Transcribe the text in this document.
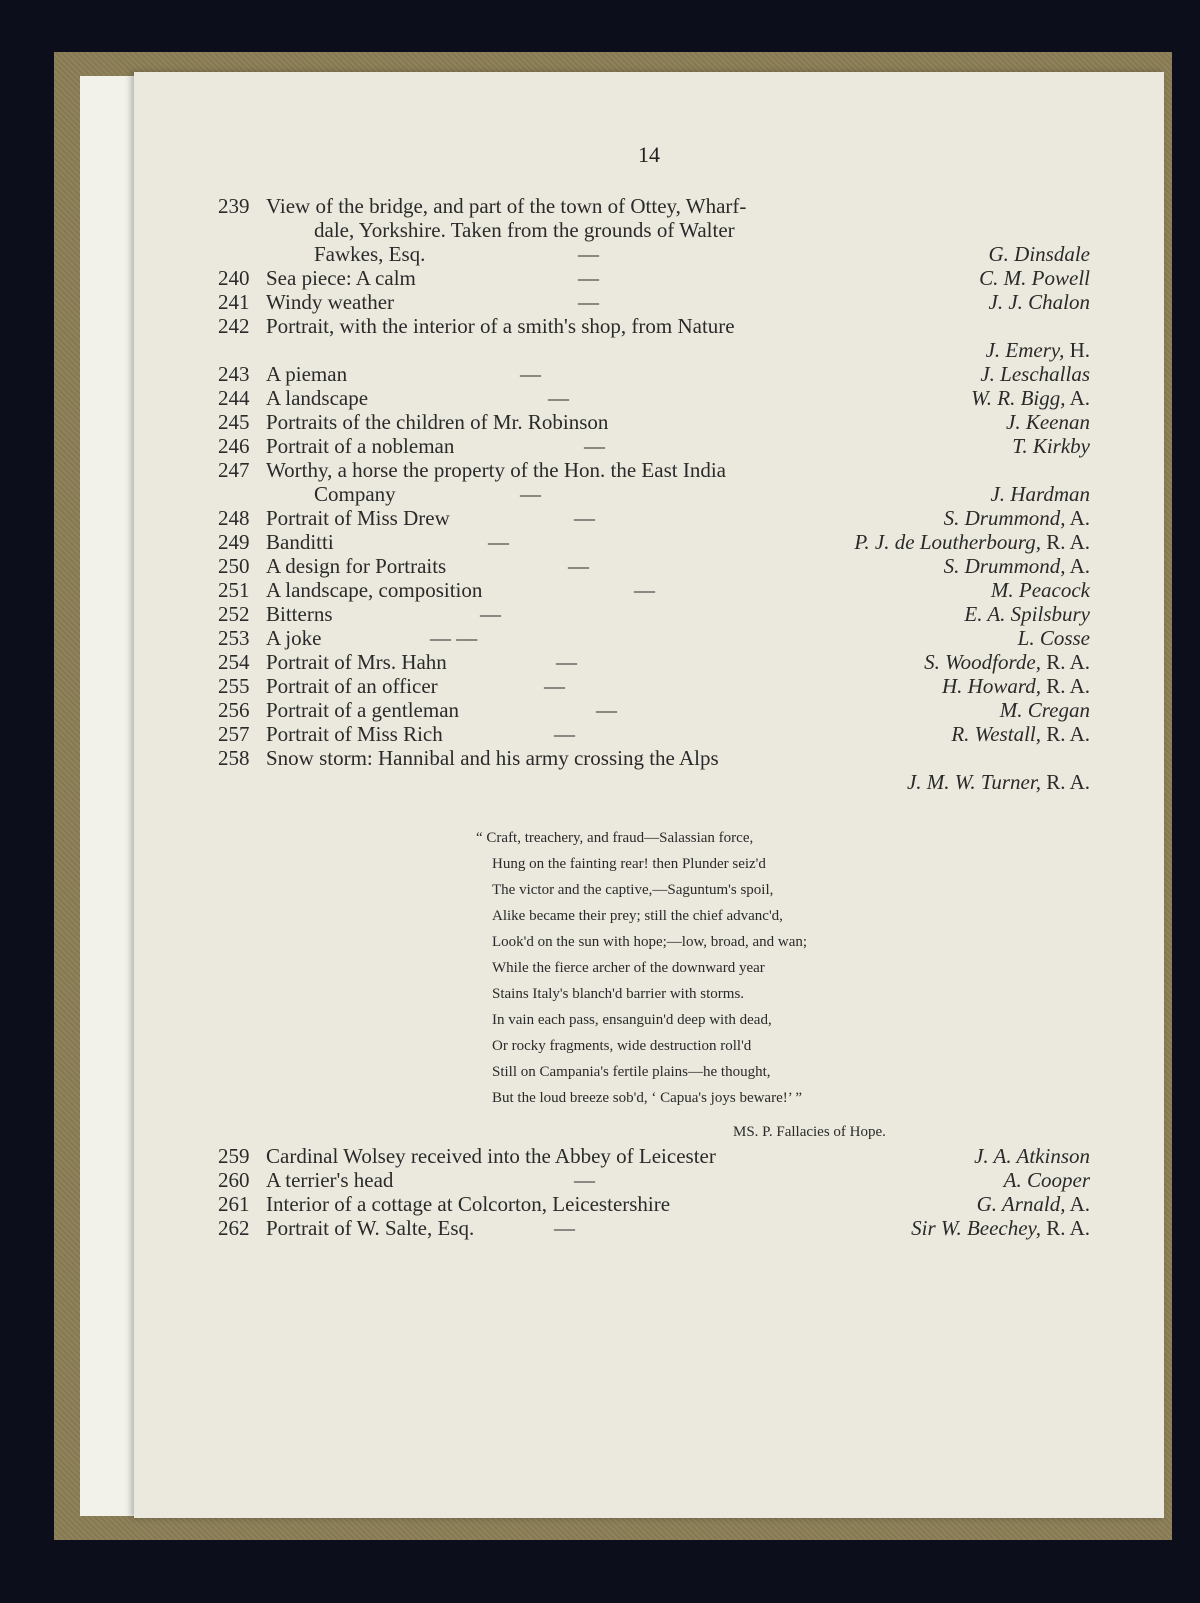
14
239 View of the bridge, and part of the town of Ottey, Wharf-
dale, Yorkshire. Taken from the grounds of Walter
Fawkes, Esq.	—	G. Dinsdale
240 Sea piece: A calm	—	C. M. Powell
241 Windy weather	—	J. J. Chalon
242 Portrait, with the interior of a smith's shop, from Nature
J. Emery, H.
243 A pieman	—	J. Leschallas
244 A landscape	—	W. R. Bigg, A.
245 Portraits of the children of Mr. Robinson	J. Keenan
246 Portrait of a nobleman	—	T. Kirkby
247 Worthy, a horse the property of the Hon. the East India
Company	—	J. Hardman
248 Portrait of Miss Drew	—	S. Drummond, A.
249 Banditti	—	P. J. de Loutherbourg, R. A.
250 A design for Portraits	—	S. Drummond, A.
251 A landscape, composition	—	M. Peacock
252 Bitterns	—	E. A. Spilsbury
253 A joke	— —	L. Cosse
254 Portrait of Mrs. Hahn	—	S. Woodforde, R. A.
255 Portrait of an officer	—	H. Howard, R. A.
256 Portrait of a gentleman	—	M. Cregan
257 Portrait of Miss Rich	—	R. Westall, R. A.
258 Snow storm: Hannibal and his army crossing the Alps
J. M. W. Turner, R. A.
259 Cardinal Wolsey received into the Abbey of Leicester	J. A. Atkinson
260 A terrier's head	—	A. Cooper
261 Interior of a cottage at Colcorton, Leicestershire	G. Arnald, A.
262 Portrait of W. Salte, Esq.	—	Sir W. Beechey, R. A.
“ Craft, treachery, and fraud—Salassian force,
Hung on the fainting rear! then Plunder seiz'd
The victor and the captive,—Saguntum's spoil,
Alike became their prey; still the chief advanc'd,
Look'd on the sun with hope;—low, broad, and wan;
While the fierce archer of the downward year
Stains Italy's blanch'd barrier with storms.
In vain each pass, ensanguin'd deep with dead,
Or rocky fragments, wide destruction roll'd
Still on Campania's fertile plains—he thought,
But the loud breeze sob'd, ‘ Capua's joys beware!’ ”
MS. P. Fallacies of Hope.
